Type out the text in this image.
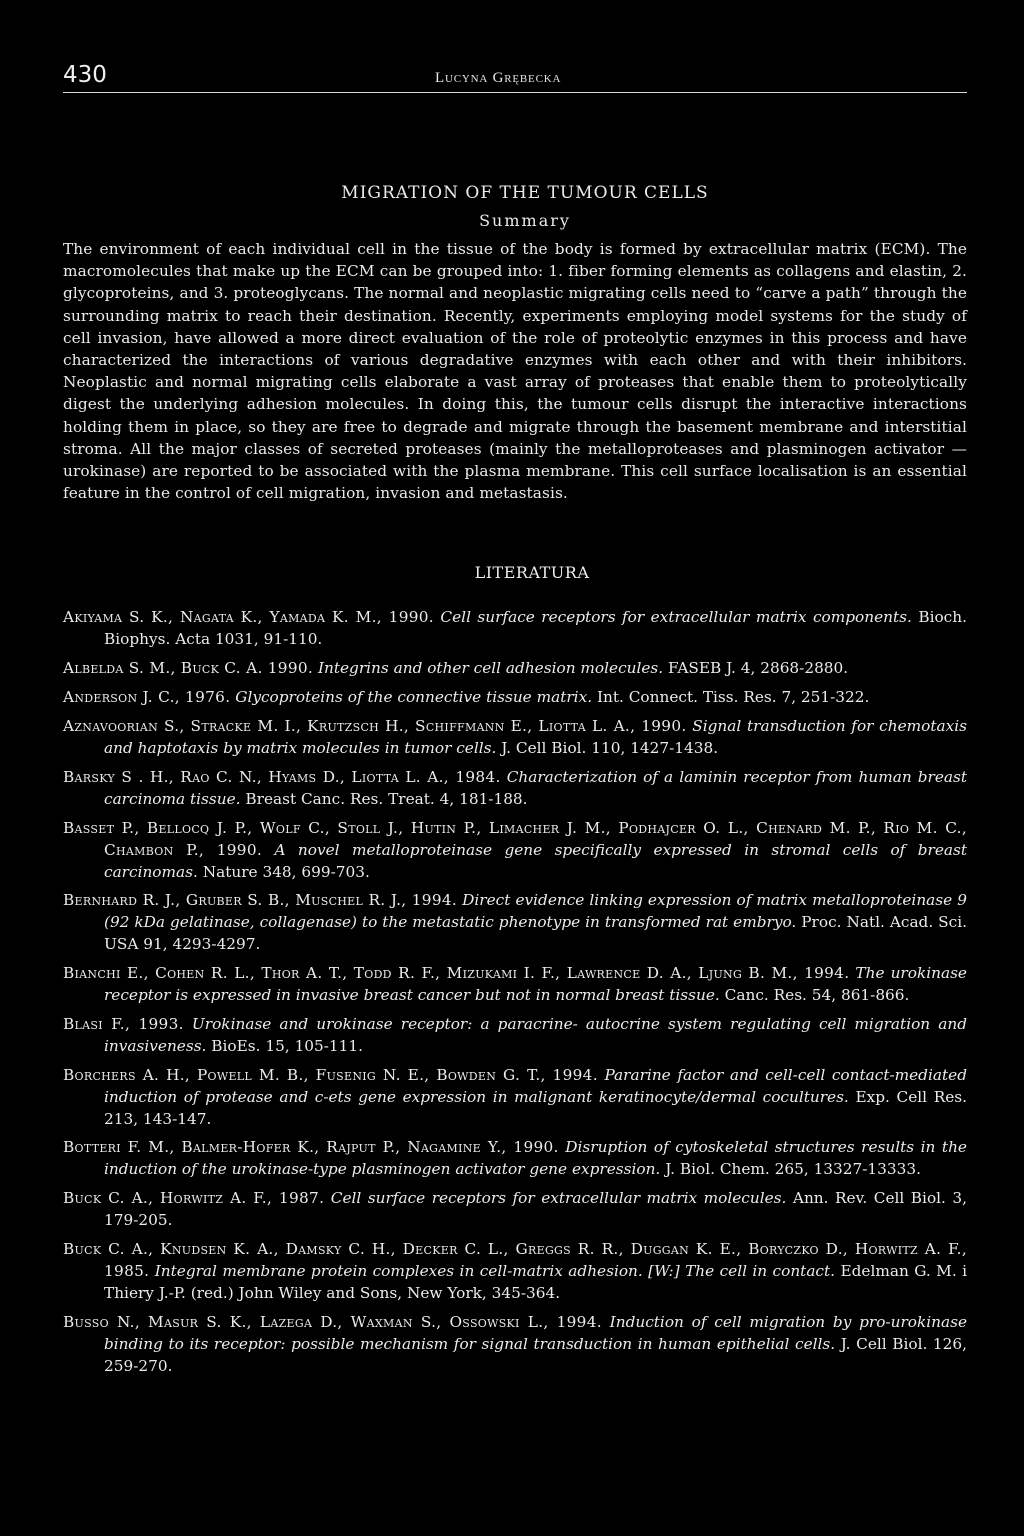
430	Lucyna Grębecka
MIGRATION OF THE TUMOUR CELLS
Summary
The environment of each individual cell in the tissue of the body is formed by extracellular matrix (ECM). The macromolecules that make up the ECM can be grouped into: 1. fiber forming elements as collagens and elastin, 2. glycoproteins, and 3. proteoglycans. The normal and neoplastic migrating cells need to “carve a path” through the surrounding matrix to reach their destination. Recently, experiments employing model systems for the study of cell invasion, have allowed a more direct evaluation of the role of proteolytic enzymes in this process and have characterized the interactions of various degradative enzymes with each other and with their inhibitors. Neoplastic and normal migrating cells elaborate a vast array of proteases that enable them to proteolytically digest the underlying adhesion molecules. In doing this, the tumour cells disrupt the interactive interactions holding them in place, so they are free to degrade and migrate through the basement membrane and interstitial stroma. All the major classes of secreted proteases (mainly the metalloproteases and plasminogen activator —urokinase) are reported to be associated with the plasma membrane. This cell surface localisation is an essential feature in the control of cell migration, invasion and metastasis.
LITERATURA
Akiyama S. K., Nagata K., Yamada K. M., 1990. Cell surface receptors for extracellular matrix components. Bioch. Biophys. Acta 1031, 91-110.
Albelda S. M., Buck C. A. 1990. Integrins and other cell adhesion molecules. FASEB J. 4, 2868-2880.
Anderson J. C., 1976. Glycoproteins of the connective tissue matrix. Int. Connect. Tiss. Res. 7, 251-322.
Aznavoorian S., Stracke M. I., Krutzsch H., Schiffmann E., Liotta L. A., 1990. Signal transduction for chemotaxis and haptotaxis by matrix molecules in tumor cells. J. Cell Biol. 110, 1427-1438.
Barsky S . H., Rao C. N., Hyams D., Liotta L. A., 1984. Characterization of a laminin receptor from human breast carcinoma tissue. Breast Canc. Res. Treat. 4, 181-188.
Basset P., Bellocq J. P., Wolf C., Stoll J., Hutin P., Limacher J. M., Podhajcer O. L., Chenard M. P., Rio M. C., Chambon P., 1990. A novel metalloproteinase gene specifically expressed in stromal cells of breast carcinomas. Nature 348, 699-703.
Bernhard R. J., Gruber S. B., Muschel R. J., 1994. Direct evidence linking expression of matrix metalloproteinase 9 (92 kDa gelatinase, collagenase) to the metastatic phenotype in transformed rat embryo. Proc. Natl. Acad. Sci. USA 91, 4293-4297.
Bianchi E., Cohen R. L., Thor A. T., Todd R. F., Mizukami I. F., Lawrence D. A., Ljung B. M., 1994. The urokinase receptor is expressed in invasive breast cancer but not in normal breast tissue. Canc. Res. 54, 861-866.
Blasi F., 1993. Urokinase and urokinase receptor: a paracrine- autocrine system regulating cell migration and invasiveness. BioEs. 15, 105-111.
Borchers A. H., Powell M. B., Fusenig N. E., Bowden G. T., 1994. Pararine factor and cell-cell contact-mediated induction of protease and c-ets gene expression in malignant keratinocyte/dermal cocultures. Exp. Cell Res. 213, 143-147.
Botteri F. M., Balmer-Hofer K., Rajput P., Nagamine Y., 1990. Disruption of cytoskeletal structures results in the induction of the urokinase-type plasminogen activator gene expression. J. Biol. Chem. 265, 13327-13333.
Buck C. A., Horwitz A. F., 1987. Cell surface receptors for extracellular matrix molecules. Ann. Rev. Cell Biol. 3, 179-205.
Buck C. A., Knudsen K. A., Damsky C. H., Decker C. L., Greggs R. R., Duggan K. E., Boryczko D., Horwitz A. F., 1985. Integral membrane protein complexes in cell-matrix adhesion. [W:] The cell in contact. Edelman G. M. i Thiery J.-P. (red.) John Wiley and Sons, New York, 345-364.
Busso N., Masur S. K., Lazega D., Waxman S., Ossowski L., 1994. Induction of cell migration by pro-urokinase binding to its receptor: possible mechanism for signal transduction in human epithelial cells. J. Cell Biol. 126, 259-270.
